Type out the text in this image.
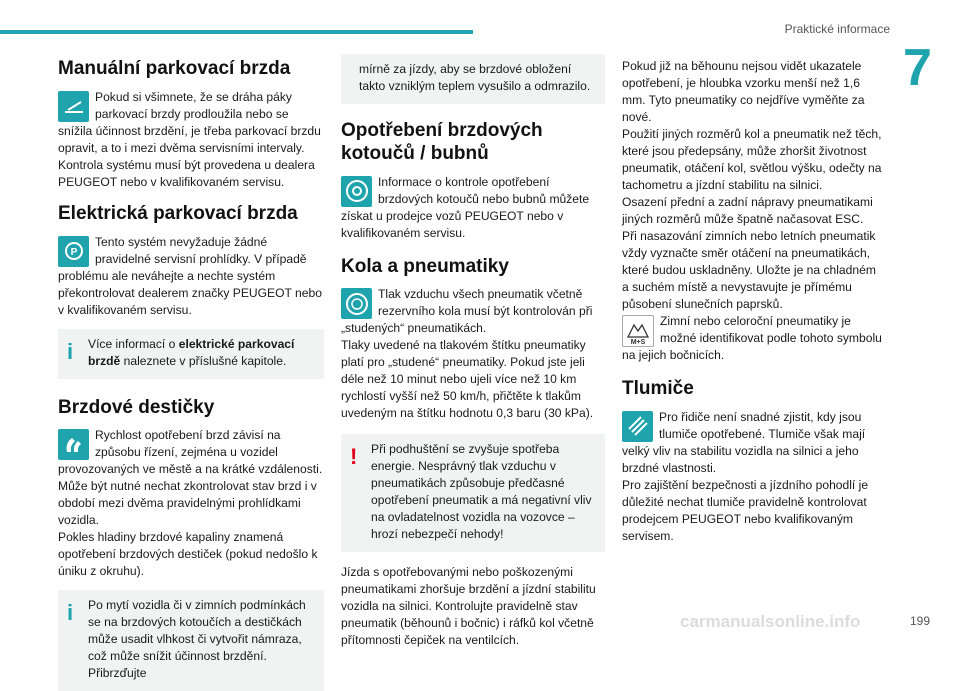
Praktické informace
7
Manuální parkovací brzda

Pokud si všimnete, že se dráha páky parkovací brzdy prodloužila nebo se snížila účinnost brzdění, je třeba parkovací brzdu opravit, a to i mezi dvěma servisními intervaly. Kontrola systému musí být provedena u dealera PEUGEOT nebo v kvalifikovaném servisu.

Elektrická parkovací brzda
P

Tento systém nevyžaduje žádné pravidelné servisní prohlídky. V případě problému ale neváhejte a nechte systém překontrolovat dealerem značky PEUGEOT nebo v kvalifikovaném servisu.

i	Více informací o elektrické parkovací brzdě naleznete v příslušné kapitole.

Brzdové destičky

Rychlost opotřebení brzd závisí na způsobu řízení, zejména u vozidel provozovaných ve městě a na krátké vzdálenosti. Může být nutné nechat zkontrolovat stav brzd i v období mezi dvěma pravidelnými prohlídkami vozidla.

Pokles hladiny brzdové kapaliny znamená opotřebení brzdových destiček (pokud nedošlo k úniku z okruhu).

i	Po mytí vozidla či v zimních podmínkách se na brzdových kotoučích a destičkách může usadit vlhkost či vytvořit námraza, což může snížit účinnost brzdění. Přibrzďujte

mírně za jízdy, aby se brzdové obložení takto vzniklým teplem vysušilo a odmrazilo.

Opotřebení brzdových kotoučů / bubnů

Informace o kontrole opotřebení brzdových kotoučů nebo bubnů můžete získat u prodejce vozů PEUGEOT nebo v kvalifikovaném servisu.

Kola a pneumatiky

Tlak vzduchu všech pneumatik včetně rezervního kola musí být kontrolován při „studených“ pneumatikách.

Tlaky uvedené na tlakovém štítku pneumatiky platí pro „studené“ pneumatiky. Pokud jste jeli déle než 10 minut nebo ujeli více než 10 km rychlostí vyšší než 50 km/h, přičtěte k tlakům uvedeným na štítku hodnotu 0,3 baru (30 kPa).

!	Při podhuštění se zvyšuje spotřeba energie. Nesprávný tlak vzduchu v pneumatikách způsobuje předčasné opotřebení pneumatik a má negativní vliv na ovladatelnost vozidla na vozovce – hrozí nebezpečí nehody!

Jízda s opotřebovanými nebo poškozenými pneumatikami zhoršuje brzdění a jízdní stabilitu vozidla na silnici. Kontrolujte pravidelně stav pneumatik (běhounů i bočnic) i ráfků kol včetně přítomnosti čepiček na ventilcích.

Pokud již na běhounu nejsou vidět ukazatele opotřebení, je hloubka vzorku menší než 1,6 mm. Tyto pneumatiky co nejdříve vyměňte za nové.

Použití jiných rozměrů kol a pneumatik než těch, které jsou předepsány, může zhoršit životnost pneumatik, otáčení kol, světlou výšku, odečty na tachometru a jízdní stabilitu na silnici.

Osazení přední a zadní nápravy pneumatikami jiných rozměrů může špatně načasovat ESC.

Při nasazování zimních nebo letních pneumatik vždy vyznačte směr otáčení na pneumatikách, které budou uskladněny. Uložte je na chladném a suchém místě a nevystavujte je přímému působení slunečních paprsků.

M+S

Zimní nebo celoroční pneumatiky je možné identifikovat podle tohoto symbolu na jejich bočnicích.

Tlumiče

Pro řidiče není snadné zjistit, kdy jsou tlumiče opotřebené. Tlumiče však mají velký vliv na stabilitu vozidla na silnici a jeho brzdné vlastnosti.

Pro zajištění bezpečnosti a jízdního pohodlí je důležité nechat tlumiče pravidelně kontrolovat prodejcem PEUGEOT nebo kvalifikovaným servisem.

carmanualsonline.info	199
